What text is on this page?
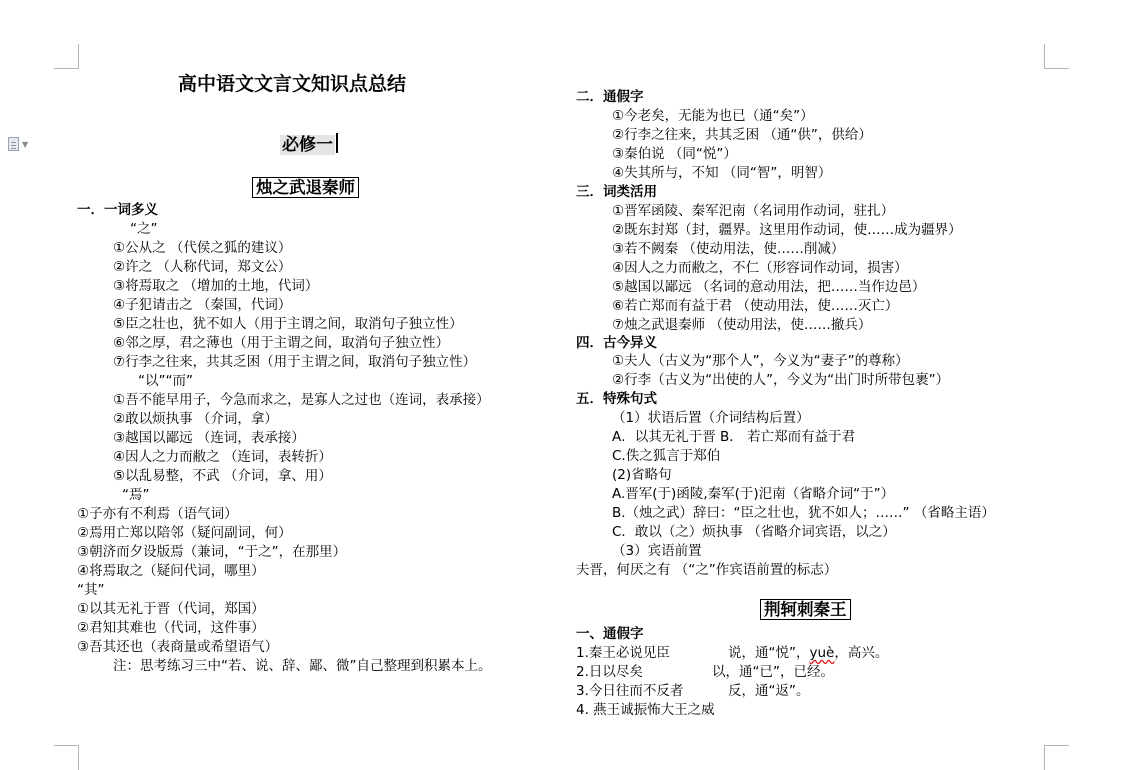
▼
高中语文文言文知识点总结
必修一
烛之武退秦师
一．一词多义
“之”
①公从之 （代侯之狐的建议）
②许之 （人称代词，郑文公）
③将焉取之 （增加的土地，代词）
④子犯请击之 （秦国，代词）
⑤臣之壮也，犹不如人（用于主谓之间，取消句子独立性）
⑥邻之厚，君之薄也（用于主谓之间，取消句子独立性）
⑦行李之往来，共其乏困（用于主谓之间，取消句子独立性）
“以”“而”
①吾不能早用子，今急而求之，是寡人之过也（连词，表承接）
②敢以烦执事 （介词，拿）
③越国以鄙远 （连词，表承接）
④因人之力而敝之 （连词，表转折）
⑤以乱易整，不武 （介词，拿、用）
“焉”
①子亦有不利焉（语气词）
②焉用亡郑以陪邻（疑问副词，何）
③朝济而夕设版焉（兼词，“于之”，在那里）
④将焉取之（疑问代词，哪里）
“其”
①以其无礼于晋（代词，郑国）
②君知其难也（代词，这件事）
③吾其还也（表商量或希望语气）
注：思考练习三中“若、说、辞、鄙、微”自己整理到积累本上。
二．通假字
①今老矣，无能为也已（通“矣”）
②行李之往来，共其乏困 （通“供”，供给）
③秦伯说 （同“悦”）
④失其所与，不知 （同“智”，明智）
三．词类活用
①晋军函陵、秦军汜南（名词用作动词，驻扎）
②既东封郑（封，疆界。这里用作动词，使……成为疆界）
③若不阙秦 （使动用法，使……削减）
④因人之力而敝之，不仁（形容词作动词，损害）
⑤越国以鄙远 （名词的意动用法，把……当作边邑）
⑥若亡郑而有益于君 （使动用法，使……灭亡）
⑦烛之武退秦师 （使动用法，使……撤兵）
四．古今异义
①夫人（古义为“那个人”，今义为“妻子”的尊称）
②行李（古义为“出使的人”，今义为“出门时所带包裹”）
五．特殊句式
（1）状语后置（介词结构后置）
A．以其无礼于晋 B． 若亡郑而有益于君
C.佚之狐言于郑伯
(2)省略句
A.晋军(于)函陵,秦军(于)汜南（省略介词“于”）
B.（烛之武）辞曰：“臣之壮也，犹不如人；……” （省略主语）
C．敢以（之）烦执事 （省略介词宾语，以之）
（3）宾语前置
夫晋，何厌之有 （“之”作宾语前置的标志）
荆轲刺秦王
一、通假字
1.秦王必说见臣	说，通“悦”，yuè，高兴。
2.日以尽矣	以，通“已”，已经。
3.今日往而不反者	反，通“返”。
4. 燕王诚振怖大王之威
